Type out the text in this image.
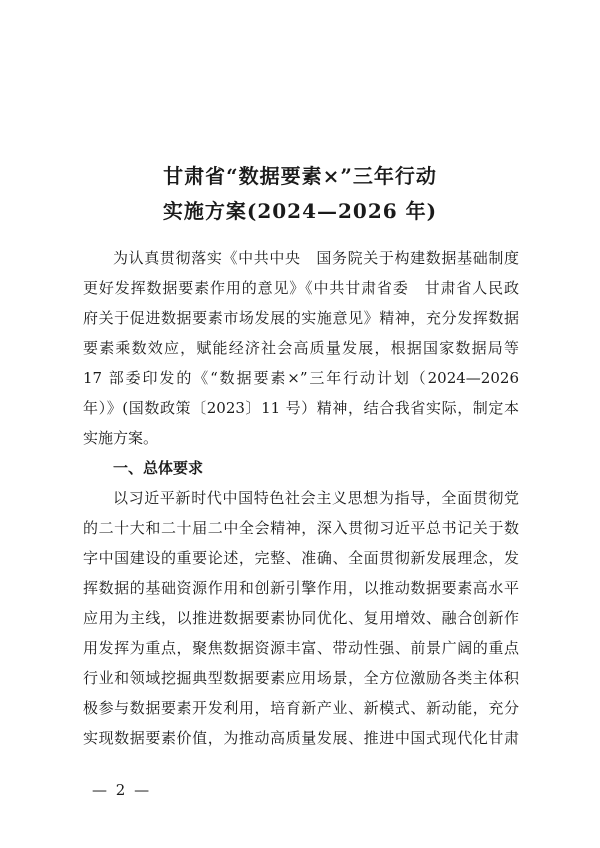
甘肃省“数据要素×”三年行动
实施方案(2024—2026 年)
为认真贯彻落实《中共中央　国务院关于构建数据基础制度
更好发挥数据要素作用的意见》《中共甘肃省委　甘肃省人民政
府关于促进数据要素市场发展的实施意见》精神，充分发挥数据
要素乘数效应，赋能经济社会高质量发展，根据国家数据局等
17 部委印发的《“数据要素×”三年行动计划（2024—2026
年）》(国数政策〔2023〕11 号）精神，结合我省实际，制定本
实施方案。
一、总体要求
以习近平新时代中国特色社会主义思想为指导，全面贯彻党
的二十大和二十届二中全会精神，深入贯彻习近平总书记关于数
字中国建设的重要论述，完整、准确、全面贯彻新发展理念，发
挥数据的基础资源作用和创新引擎作用，以推动数据要素高水平
应用为主线，以推进数据要素协同优化、复用增效、融合创新作
用发挥为重点，聚焦数据资源丰富、带动性强、前景广阔的重点
行业和领域挖掘典型数据要素应用场景，全方位激励各类主体积
极参与数据要素开发利用，培育新产业、新模式、新动能，充分
实现数据要素价值，为推动高质量发展、推进中国式现代化甘肃
— 2 —
